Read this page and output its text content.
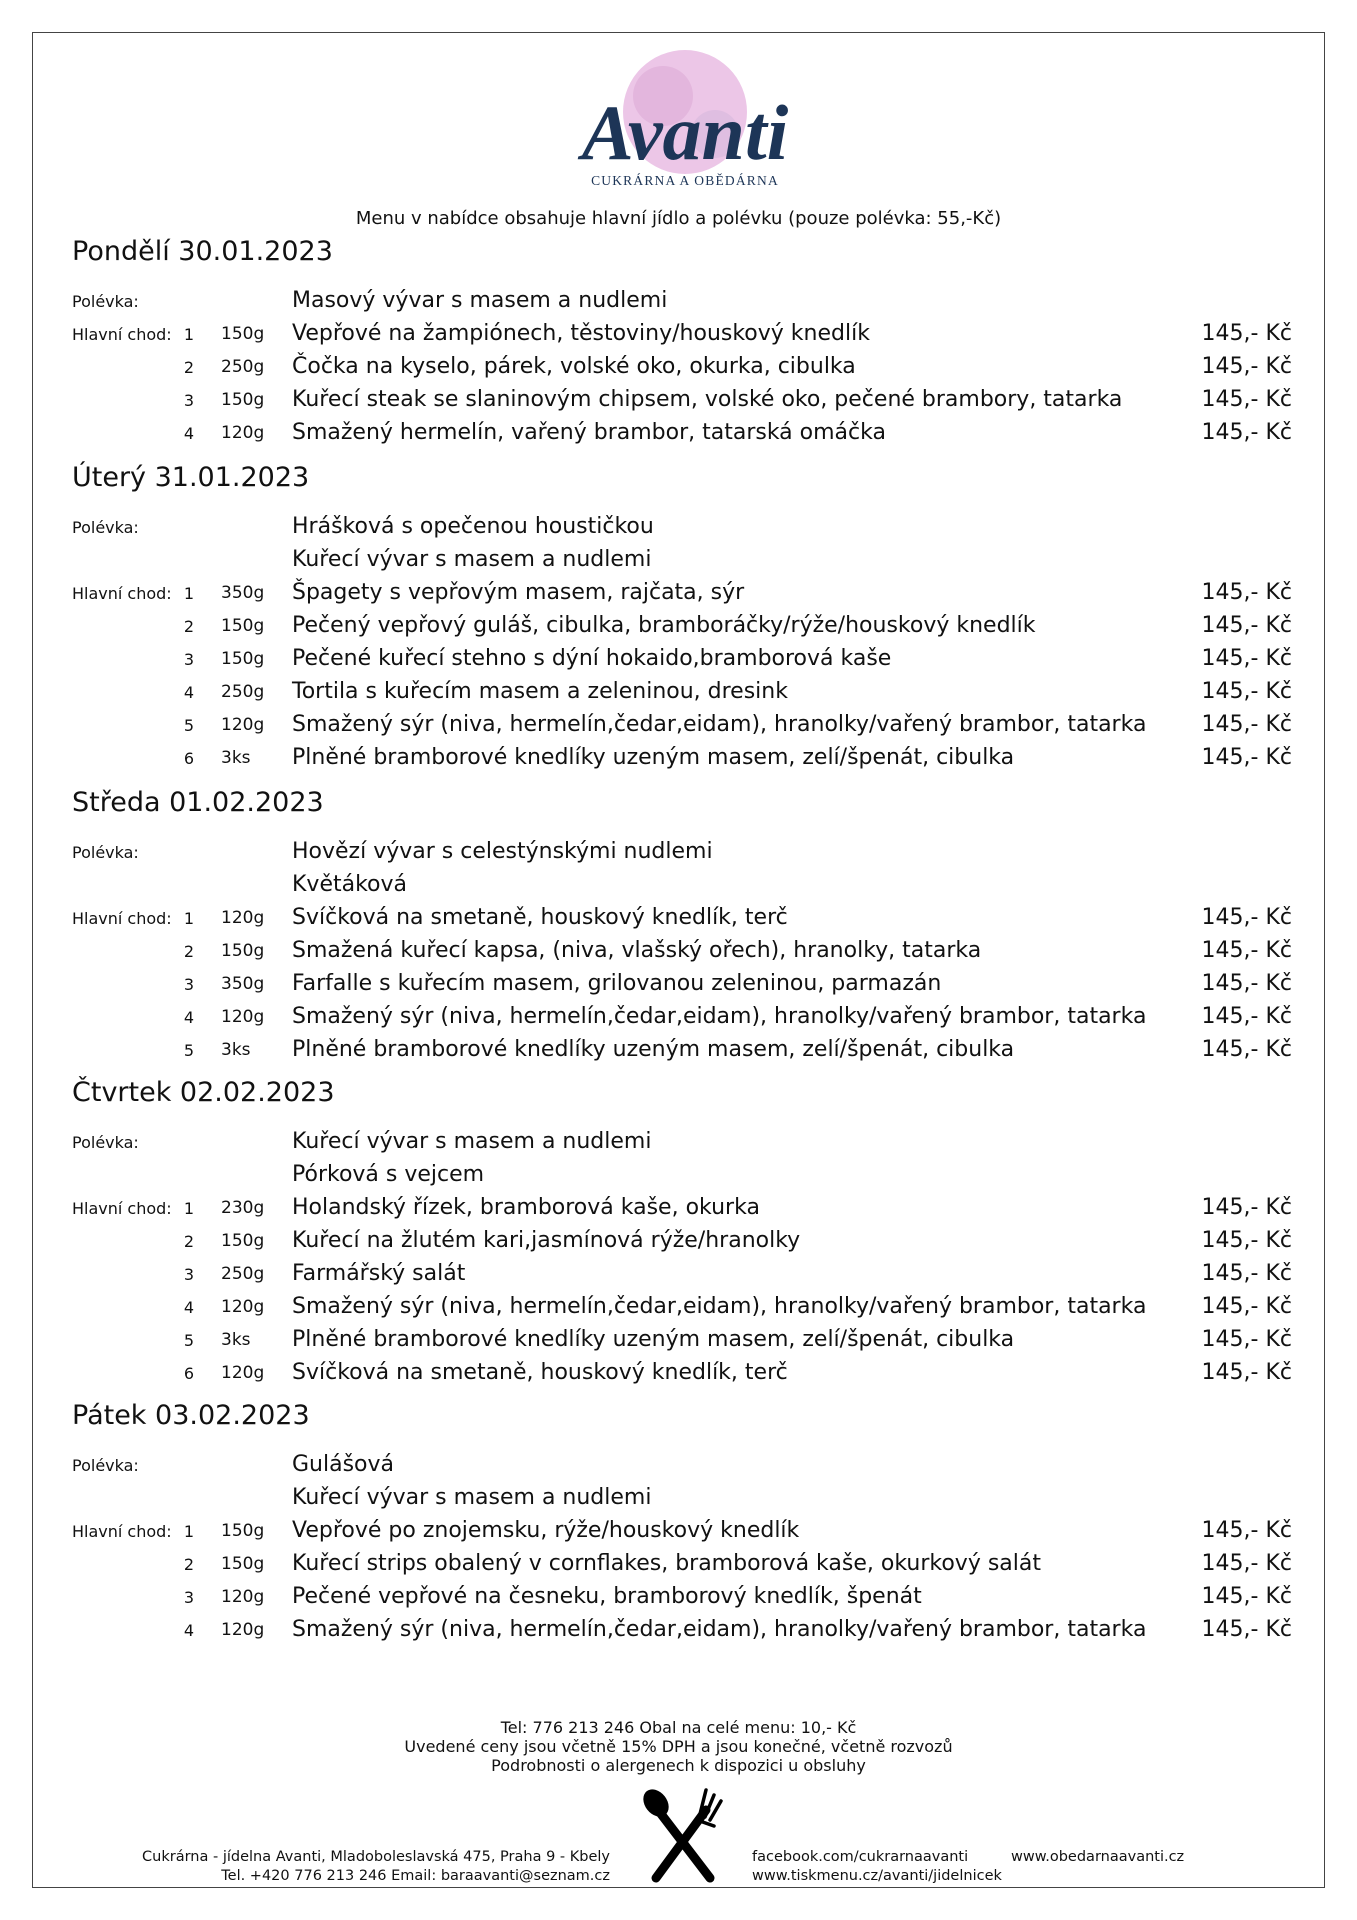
Avanti
CUKRÁRNA A OBĚDÁRNA
Menu v nabídce obsahuje hlavní jídlo a polévku (pouze polévka: 55,-Kč)
Pondělí 30.01.2023
Polévka:	Masový vývar s masem a nudlemi
Hlavní chod: 1 150g Vepřové na žampiónech, těstoviny/houskový knedlík	145,- Kč
2 250g Čočka na kyselo, párek, volské oko, okurka, cibulka	145,- Kč
3 150g Kuřecí steak se slaninovým chipsem, volské oko, pečené brambory, tatarka	145,- Kč
4 120g Smažený hermelín, vařený brambor, tatarská omáčka	145,- Kč
Úterý 31.01.2023
Polévka:	Hrášková s opečenou houstičkou
Kuřecí vývar s masem a nudlemi
Hlavní chod: 1 350g Špagety s vepřovým masem, rajčata, sýr	145,- Kč
2 150g Pečený vepřový guláš, cibulka, bramboráčky/rýže/houskový knedlík	145,- Kč
3 150g Pečené kuřecí stehno s dýní hokaido,bramborová kaše	145,- Kč
4 250g Tortila s kuřecím masem a zeleninou, dresink	145,- Kč
5 120g Smažený sýr (niva, hermelín,čedar,eidam), hranolky/vařený brambor, tatarka	145,- Kč
6 3ks Plněné bramborové knedlíky uzeným masem, zelí/špenát, cibulka	145,- Kč
Středa 01.02.2023
Polévka:	Hovězí vývar s celestýnskými nudlemi
Květáková
Hlavní chod: 1 120g Svíčková na smetaně, houskový knedlík, terč	145,- Kč
2 150g Smažená kuřecí kapsa, (niva, vlašský ořech), hranolky, tatarka	145,- Kč
3 350g Farfalle s kuřecím masem, grilovanou zeleninou, parmazán	145,- Kč
4 120g Smažený sýr (niva, hermelín,čedar,eidam), hranolky/vařený brambor, tatarka	145,- Kč
5 3ks Plněné bramborové knedlíky uzeným masem, zelí/špenát, cibulka	145,- Kč
Čtvrtek 02.02.2023
Polévka:	Kuřecí vývar s masem a nudlemi
Pórková s vejcem
Hlavní chod: 1 230g Holandský řízek, bramborová kaše, okurka	145,- Kč
2 150g Kuřecí na žlutém kari,jasmínová rýže/hranolky	145,- Kč
3 250g Farmářský salát	145,- Kč
4 120g Smažený sýr (niva, hermelín,čedar,eidam), hranolky/vařený brambor, tatarka	145,- Kč
5 3ks Plněné bramborové knedlíky uzeným masem, zelí/špenát, cibulka	145,- Kč
6 120g Svíčková na smetaně, houskový knedlík, terč	145,- Kč
Pátek 03.02.2023
Polévka:	Gulášová
Kuřecí vývar s masem a nudlemi
Hlavní chod: 1 150g Vepřové po znojemsku, rýže/houskový knedlík	145,- Kč
2 150g Kuřecí strips obalený v cornflakes, bramborová kaše, okurkový salát	145,- Kč
3 120g Pečené vepřové na česneku, bramborový knedlík, špenát	145,- Kč
4 120g Smažený sýr (niva, hermelín,čedar,eidam), hranolky/vařený brambor, tatarka	145,- Kč
Tel: 776 213 246 Obal na celé menu: 10,- Kč
Uvedené ceny jsou včetně 15% DPH a jsou konečné, včetně rozvozů
Podrobnosti o alergenech k dispozici u obsluhy
Cukrárna - jídelna Avanti, Mladoboleslavská 475, Praha 9 - Kbely
Tel. +420 776 213 246 Email: baraavanti@seznam.cz
facebook.com/cukrarnaavanti
www.tiskmenu.cz/avanti/jidelnicek
www.obedarnaavanti.cz
